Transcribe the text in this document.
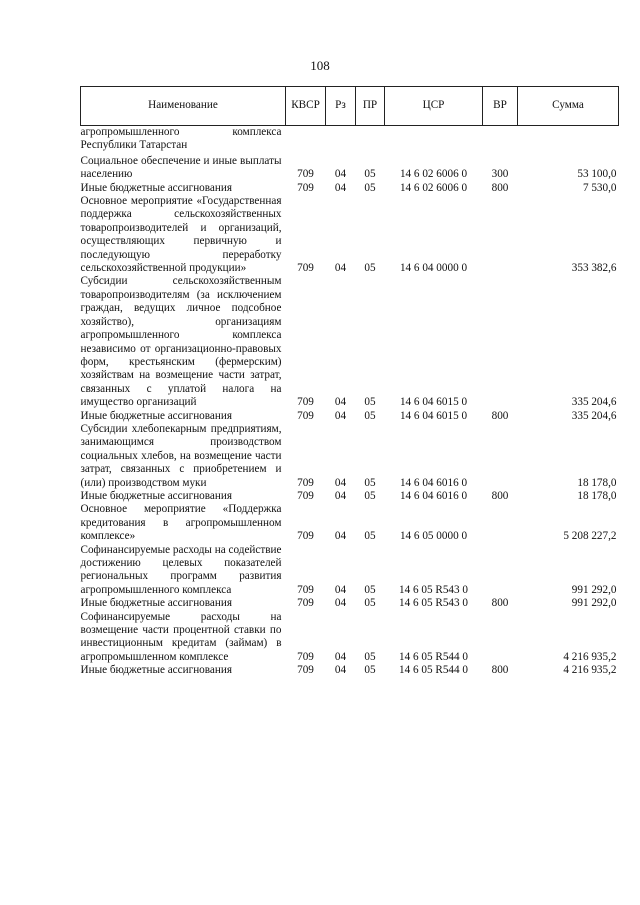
108
Наименование	КВСР	Рз	ПР	ЦСР	ВР	Сумма
агропромышленного комплекса Республики Татарстан						
Социальное обеспечение и иные выплаты населению	709	04	05	14 6 02 6006 0	300	53 100,0
Иные бюджетные ассигнования	709	04	05	14 6 02 6006 0	800	7 530,0
Основное мероприятие «Государственная поддержка сельскохозяйственных товаропроизводителей и организаций, осуществляющих первичную и последующую переработку сельскохозяйственной продукции»	709	04	05	14 6 04 0000 0		353 382,6
Субсидии сельскохозяйственным товаропроизводителям (за исключением граждан, ведущих личное подсобное хозяйство), организациям агропромышленного комплекса независимо от организационно-правовых форм, крестьянским (фермерским) хозяйствам на возмещение части затрат, связанных с уплатой налога на имущество организаций	709	04	05	14 6 04 6015 0		335 204,6
Иные бюджетные ассигнования	709	04	05	14 6 04 6015 0	800	335 204,6
Субсидии хлебопекарным предприятиям, занимающимся производством социальных хлебов, на возмещение части затрат, связанных с приобретением и (или) производством муки	709	04	05	14 6 04 6016 0		18 178,0
Иные бюджетные ассигнования	709	04	05	14 6 04 6016 0	800	18 178,0
Основное мероприятие «Поддержка кредитования в агропромышленном комплексе»	709	04	05	14 6 05 0000 0		5 208 227,2
Софинансируемые расходы на содействие достижению целевых показателей региональных программ развития агропромышленного комплекса	709	04	05	14 6 05 R543 0		991 292,0
Иные бюджетные ассигнования	709	04	05	14 6 05 R543 0	800	991 292,0
Софинансируемые расходы на возмещение части процентной ставки по инвестиционным кредитам (займам) в агропромышленном комплексе	709	04	05	14 6 05 R544 0		4 216 935,2
Иные бюджетные ассигнования	709	04	05	14 6 05 R544 0	800	4 216 935,2
